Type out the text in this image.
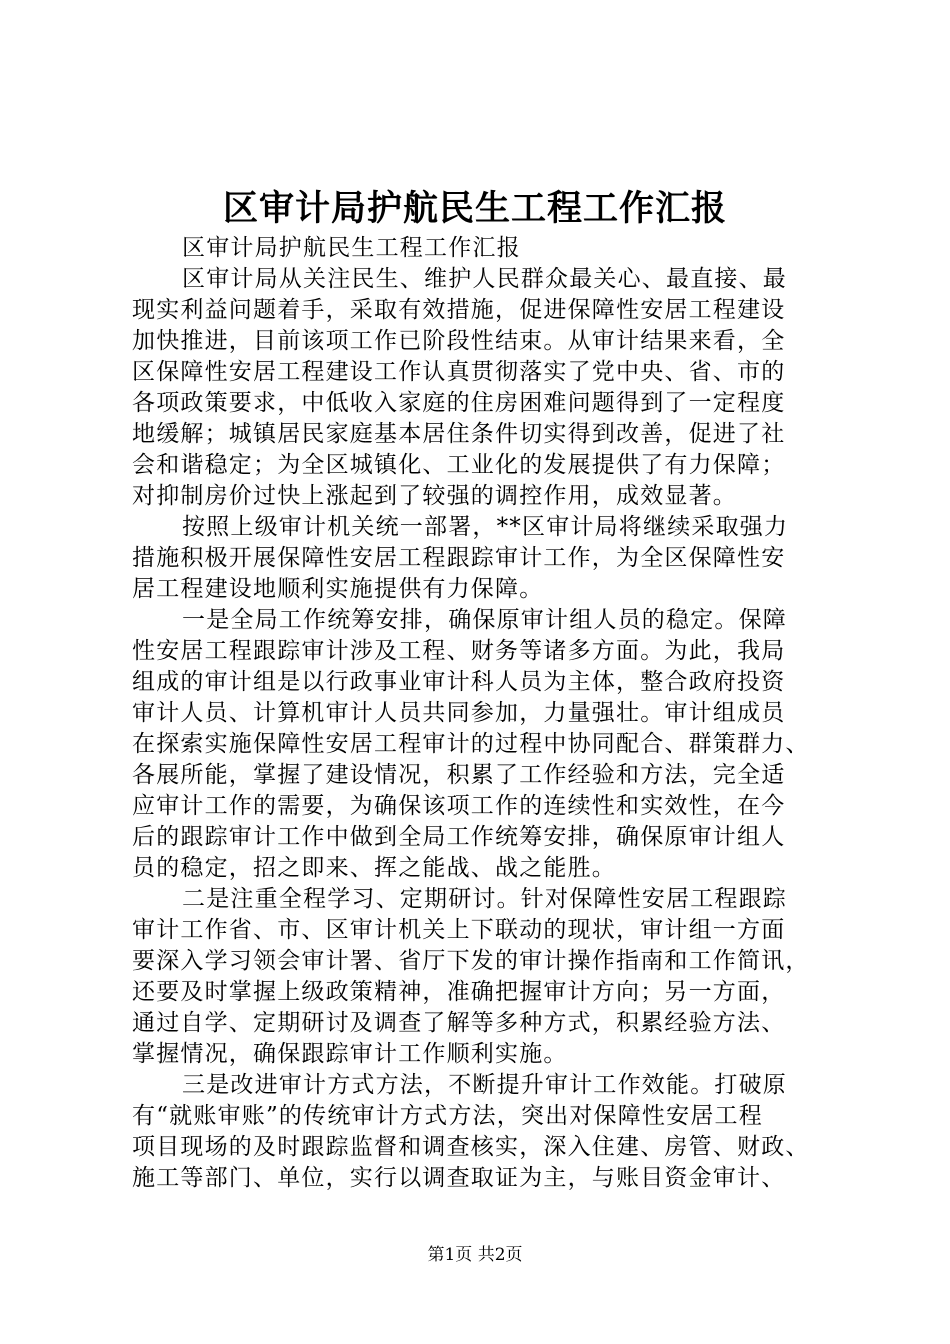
区审计局护航民生工程工作汇报
区审计局护航民生工程工作汇报
区审计局从关注民生、维护人民群众最关心、最直接、最
现实利益问题着手，采取有效措施，促进保障性安居工程建设
加快推进，目前该项工作已阶段性结束。从审计结果来看，全
区保障性安居工程建设工作认真贯彻落实了党中央、省、市的
各项政策要求，中低收入家庭的住房困难问题得到了一定程度
地缓解；城镇居民家庭基本居住条件切实得到改善，促进了社
会和谐稳定；为全区城镇化、工业化的发展提供了有力保障；
对抑制房价过快上涨起到了较强的调控作用，成效显著。
按照上级审计机关统一部署，**区审计局将继续采取强力
措施积极开展保障性安居工程跟踪审计工作，为全区保障性安
居工程建设地顺利实施提供有力保障。
一是全局工作统筹安排，确保原审计组人员的稳定。保障
性安居工程跟踪审计涉及工程、财务等诸多方面。为此，我局
组成的审计组是以行政事业审计科人员为主体，整合政府投资
审计人员、计算机审计人员共同参加，力量强壮。审计组成员
在探索实施保障性安居工程审计的过程中协同配合、群策群力、
各展所能，掌握了建设情况，积累了工作经验和方法，完全适
应审计工作的需要，为确保该项工作的连续性和实效性，在今
后的跟踪审计工作中做到全局工作统筹安排，确保原审计组人
员的稳定，招之即来、挥之能战、战之能胜。
二是注重全程学习、定期研讨。针对保障性安居工程跟踪
审计工作省、市、区审计机关上下联动的现状，审计组一方面
要深入学习领会审计署、省厅下发的审计操作指南和工作简讯，
还要及时掌握上级政策精神，准确把握审计方向；另一方面，
通过自学、定期研讨及调查了解等多种方式，积累经验方法、
掌握情况，确保跟踪审计工作顺利实施。
三是改进审计方式方法，不断提升审计工作效能。打破原
有“就账审账”的传统审计方式方法，突出对保障性安居工程
项目现场的及时跟踪监督和调查核实，深入住建、房管、财政、
施工等部门、单位，实行以调查取证为主，与账目资金审计、
第1页 共2页
